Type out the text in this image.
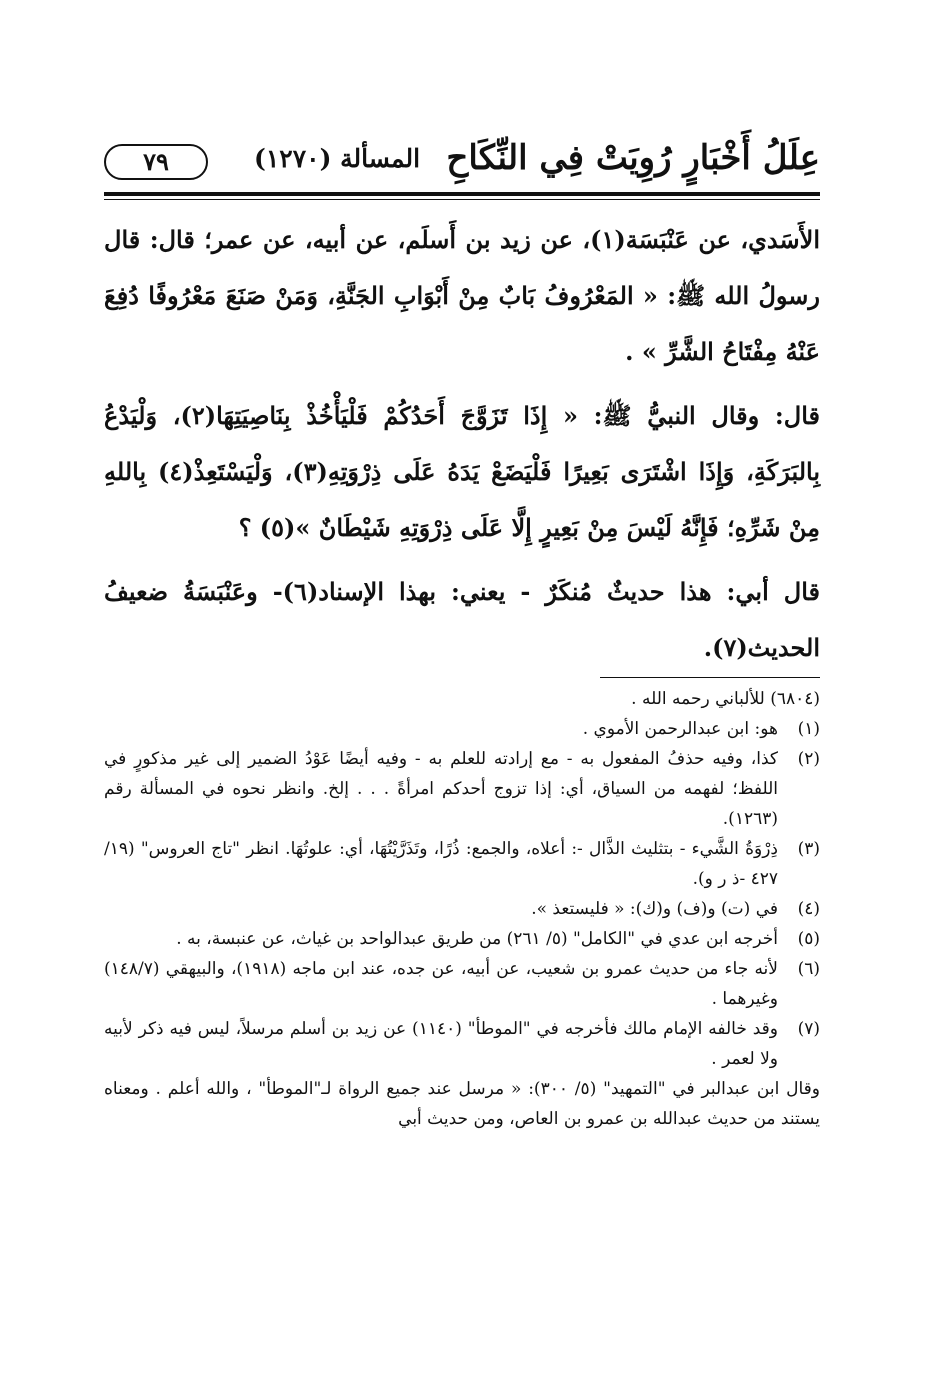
عِلَلُ أَخْبَارٍ رُوِيَتْ فِي النِّكَاحِ
المسألة (١٢٧٠)
٧٩

الأَسَدي، عن عَنْبَسَة(١)، عن زيد بن أَسلَم، عن أبيه، عن عمر؛ قال: قال رسولُ الله ﷺ: « المَعْرُوفُ بَابٌ مِنْ أَبْوَابِ الجَنَّةِ، وَمَنْ صَنَعَ مَعْرُوفًا دُفِعَ عَنْهُ مِفْتَاحُ الشَّرِّ » .

قال: وقال النبيُّ ﷺ: « إِذَا تَزَوَّجَ أَحَدُكُمْ فَلْيَأْخُذْ بِنَاصِيَتِهَا(٢)، وَلْيَدْعُ بِالبَرَكَةِ، وَإِذَا اشْتَرَى بَعِيرًا فَلْيَضَعْ يَدَهُ عَلَى ذِرْوَتِهِ(٣)، وَلْيَسْتَعِذْ(٤) بِاللهِ مِنْ شَرِّهِ؛ فَإِنَّهُ لَيْسَ مِنْ بَعِيرٍ إِلَّا عَلَى ذِرْوَتِهِ شَيْطَانٌ »(٥) ؟

قال أبي: هذا حديثٌ مُنكَرٌ - يعني: بهذا الإسناد(٦)- وعَنْبَسَةُ ضعيفُ الحديث(٧).

(٦٨٠٤) للألباني رحمه الله .

(١)
هو: ابن عبدالرحمن الأموي .
(٢)
كذا، وفيه حذفُ المفعول به - مع إرادته للعلم به - وفيه أيضًا عَوْدُ الضمير إلى غير مذكورٍ في اللفظ؛ لفهمه من السياق، أي: إذا تزوج أحدكم امرأةً . . . إلخ. وانظر نحوه في المسألة رقم (١٢٦٣).
(٣)
ذِرْوَةُ الشَّيء - بتثليث الذَّال -: أعلاه، والجمع: ذُرًا، وتَذَرَّيْتُهَا، أي: علوتُهَا. انظر "تاج العروس" (١٩/ ٤٢٧ -ذ ر و).
(٤)
في (ت) و(ف) و(ك): « فليستعذ ».
(٥)
أخرجه ابن عدي في "الكامل" (٥/ ٢٦١) من طريق عبدالواحد بن غياث، عن عنبسة، به .
(٦)
لأنه جاء من حديث عمرو بن شعيب، عن أبيه، عن جده، عند ابن ماجه (١٩١٨)، والبيهقي (١٤٨/٧) وغيرهما .
(٧)
وقد خالفه الإمام مالك فأخرجه في "الموطأ" (١١٤٠) عن زيد بن أسلم مرسلاً، ليس فيه ذكر لأبيه ولا لعمر .

وقال ابن عبدالبر في "التمهيد" (٥/ ٣٠٠): « مرسل عند جميع الرواة لـ"الموطأ" ، والله أعلم . ومعناه يستند من حديث عبدالله بن عمرو بن العاص، ومن حديث أبي
